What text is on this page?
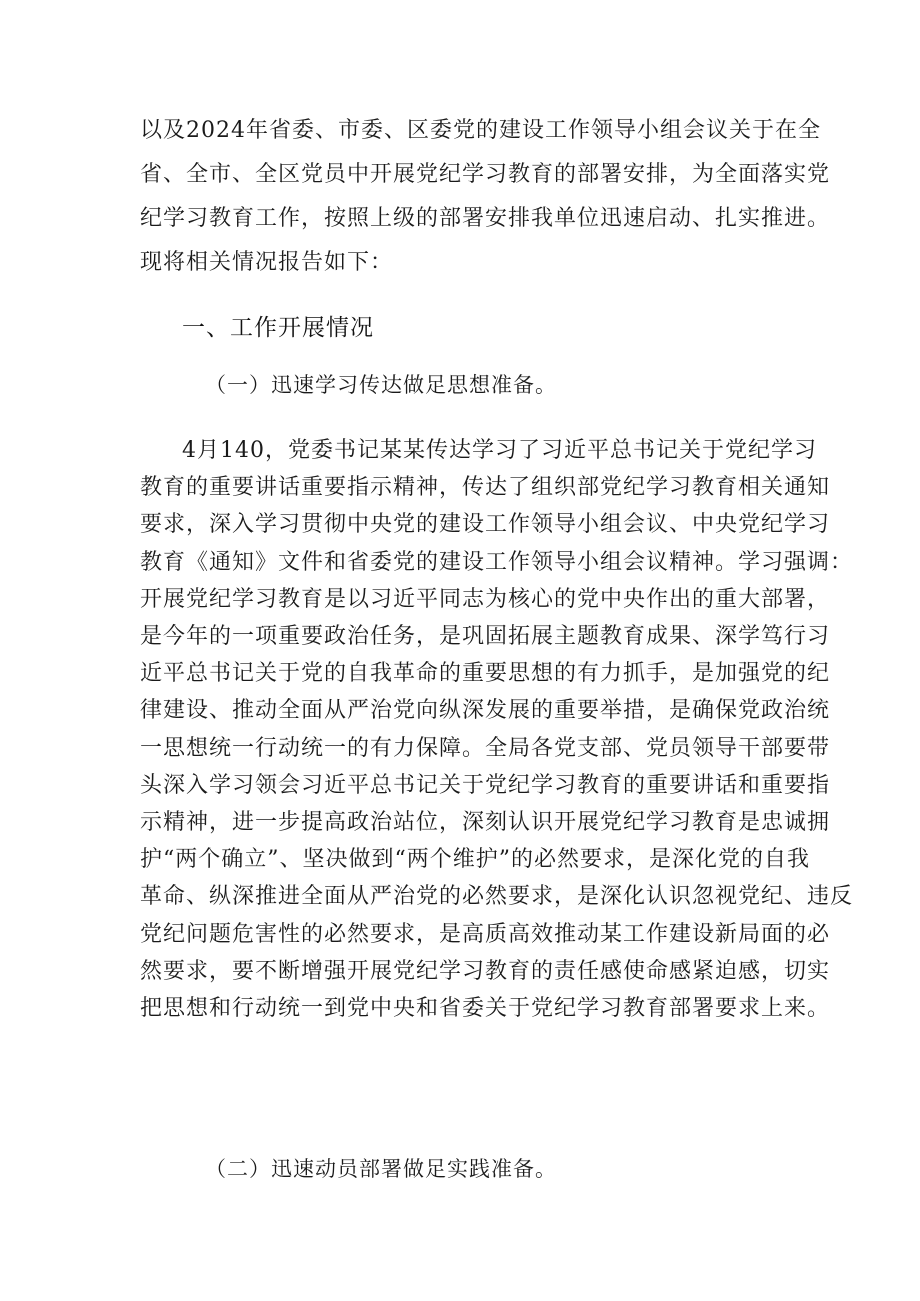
以及2024年省委、市委、区委党的建设工作领导小组会议关于在全
省、全市、全区党员中开展党纪学习教育的部署安排，为全面落实党
纪学习教育工作，按照上级的部署安排我单位迅速启动、扎实推进。
现将相关情况报告如下：
一、工作开展情况
（一）迅速学习传达做足思想准备。
4月140，党委书记某某传达学习了习近平总书记关于党纪学习
教育的重要讲话重要指示精神，传达了组织部党纪学习教育相关通知
要求，深入学习贯彻中央党的建设工作领导小组会议、中央党纪学习
教育《通知》文件和省委党的建设工作领导小组会议精神。学习强调：
开展党纪学习教育是以习近平同志为核心的党中央作出的重大部署，
是今年的一项重要政治任务，是巩固拓展主题教育成果、深学笃行习
近平总书记关于党的自我革命的重要思想的有力抓手，是加强党的纪
律建设、推动全面从严治党向纵深发展的重要举措，是确保党政治统
一思想统一行动统一的有力保障。全局各党支部、党员领导干部要带
头深入学习领会习近平总书记关于党纪学习教育的重要讲话和重要指
示精神，进一步提高政治站位，深刻认识开展党纪学习教育是忠诚拥
护“两个确立”、坚决做到“两个维护”的必然要求，是深化党的自我
革命、纵深推进全面从严治党的必然要求，是深化认识忽视党纪、违反
党纪问题危害性的必然要求，是高质高效推动某工作建设新局面的必
然要求，要不断增强开展党纪学习教育的责任感使命感紧迫感，切实
把思想和行动统一到党中央和省委关于党纪学习教育部署要求上来。
（二）迅速动员部署做足实践准备。
